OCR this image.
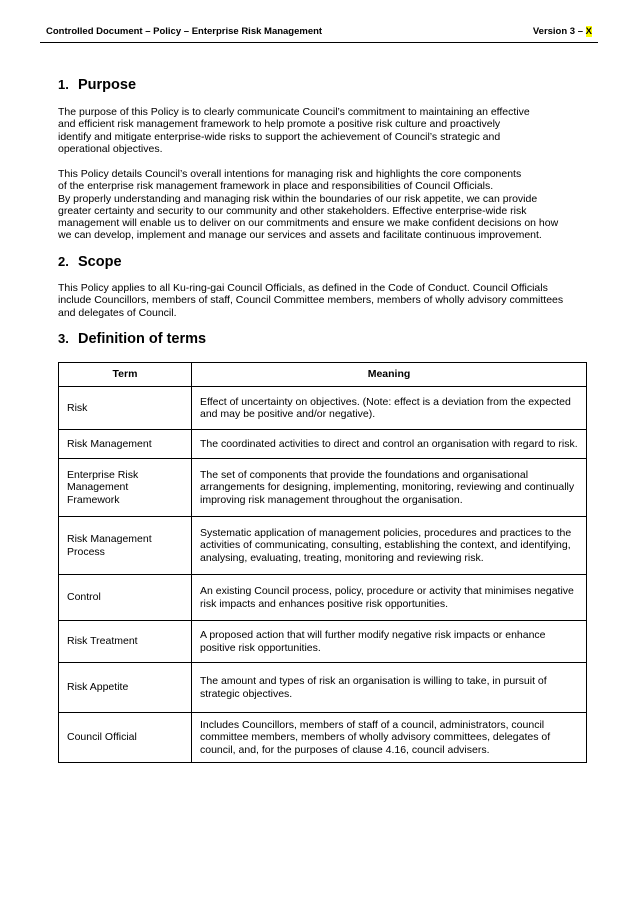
Controlled Document – Policy – Enterprise Risk Management	Version 3 – X
1. Purpose

The purpose of this Policy is to clearly communicate Council’s commitment to maintaining an effective
and efficient risk management framework to help promote a positive risk culture and proactively
identify and mitigate enterprise-wide risks to support the achievement of Council’s strategic and
operational objectives.

This Policy details Council’s overall intentions for managing risk and highlights the core components
of the enterprise risk management framework in place and responsibilities of Council Officials.
By properly understanding and managing risk within the boundaries of our risk appetite, we can provide
greater certainty and security to our community and other stakeholders. Effective enterprise-wide risk
management will enable us to deliver on our commitments and ensure we make confident decisions on how
we can develop, implement and manage our services and assets and facilitate continuous improvement.

2. Scope

This Policy applies to all Ku-ring-gai Council Officials, as defined in the Code of Conduct. Council Officials
include Councillors, members of staff, Council Committee members, members of wholly advisory committees
and delegates of Council.

3. Definition of terms
Term	Meaning
Risk	Effect of uncertainty on objectives. (Note: effect is a deviation from the expected
and may be positive and/or negative).
Risk Management	The coordinated activities to direct and control an organisation with regard to risk.
Enterprise Risk
Management Framework	The set of components that provide the foundations and organisational
arrangements for designing, implementing, monitoring, reviewing and continually
improving risk management throughout the organisation.
Risk Management
Process	Systematic application of management policies, procedures and practices to the
activities of communicating, consulting, establishing the context, and identifying,
analysing, evaluating, treating, monitoring and reviewing risk.
Control	An existing Council process, policy, procedure or activity that minimises negative
risk impacts and enhances positive risk opportunities.
Risk Treatment	A proposed action that will further modify negative risk impacts or enhance
positive risk opportunities.
Risk Appetite	The amount and types of risk an organisation is willing to take, in pursuit of
strategic objectives.
Council Official	Includes Councillors, members of staff of a council, administrators, council
committee members, members of wholly advisory committees, delegates of
council, and, for the purposes of clause 4.16, council advisers.
